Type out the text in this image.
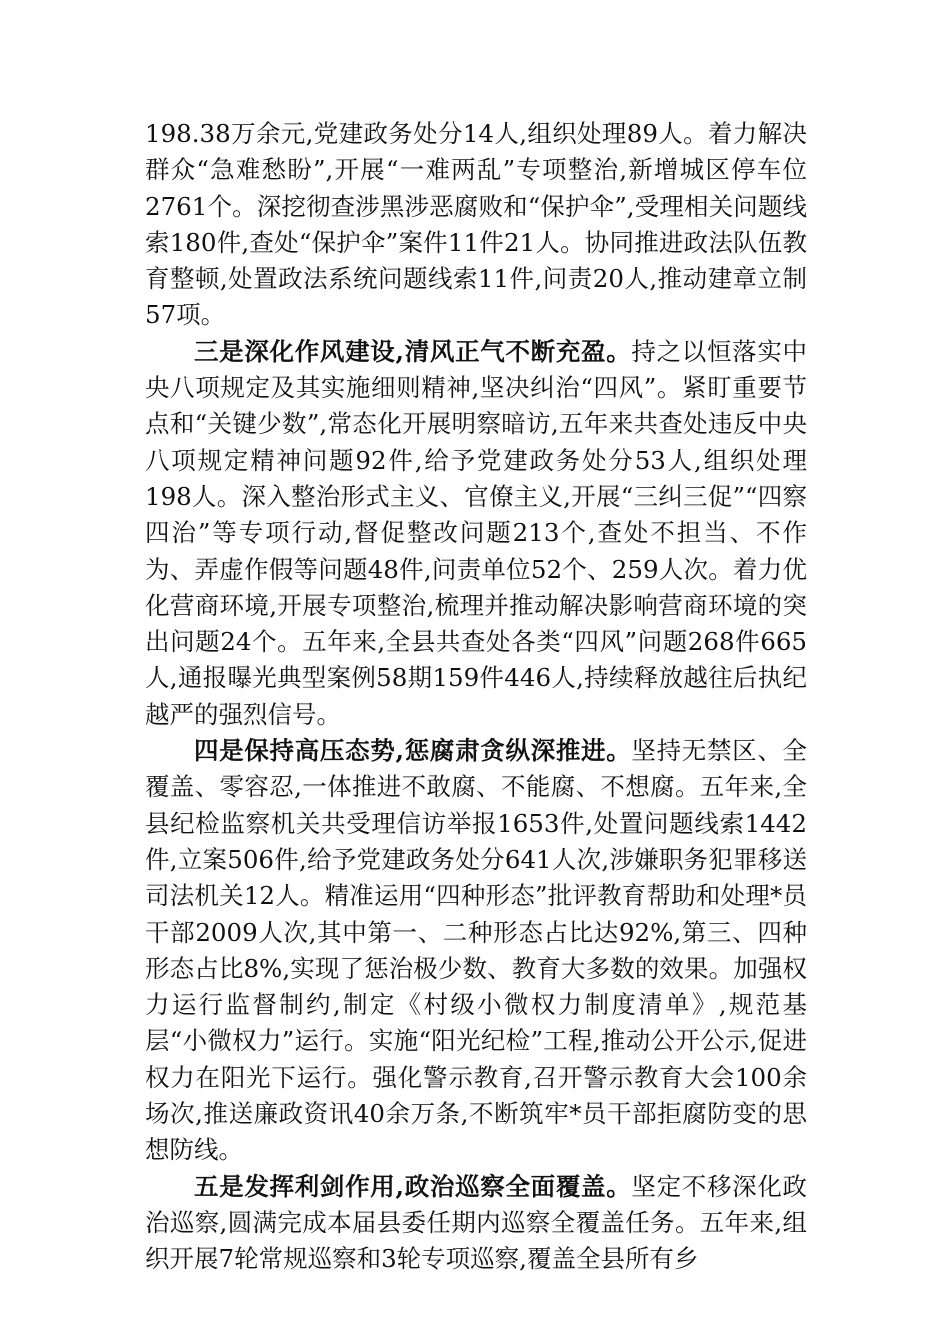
198.38万余元,党建政务处分14人,组织处理89人。着力解决群众“急难愁盼”,开展“一难两乱”专项整治,新增城区停车位2761个。深挖彻查涉黑涉恶腐败和“保护伞”,受理相关问题线索180件,查处“保护伞”案件11件21人。协同推进政法队伍教育整顿,处置政法系统问题线索11件,问责20人,推动建章立制57项。

三是深化作风建设,清风正气不断充盈。持之以恒落实中央八项规定及其实施细则精神,坚决纠治“四风”。紧盯重要节点和“关键少数”,常态化开展明察暗访,五年来共查处违反中央八项规定精神问题92件,给予党建政务处分53人,组织处理198人。深入整治形式主义、官僚主义,开展“三纠三促”“四察四治”等专项行动,督促整改问题213个,查处不担当、不作为、弄虚作假等问题48件,问责单位52个、259人次。着力优化营商环境,开展专项整治,梳理并推动解决影响营商环境的突出问题24个。五年来,全县共查处各类“四风”问题268件665人,通报曝光典型案例58期159件446人,持续释放越往后执纪越严的强烈信号。

四是保持高压态势,惩腐肃贪纵深推进。坚持无禁区、全覆盖、零容忍,一体推进不敢腐、不能腐、不想腐。五年来,全县纪检监察机关共受理信访举报1653件,处置问题线索1442件,立案506件,给予党建政务处分641人次,涉嫌职务犯罪移送司法机关12人。精准运用“四种形态”批评教育帮助和处理*员干部2009人次,其中第一、二种形态占比达92%,第三、四种形态占比8%,实现了惩治极少数、教育大多数的效果。加强权力运行监督制约,制定《村级小微权力制度清单》,规范基层“小微权力”运行。实施“阳光纪检”工程,推动公开公示,促进权力在阳光下运行。强化警示教育,召开警示教育大会100余场次,推送廉政资讯40余万条,不断筑牢*员干部拒腐防变的思想防线。

五是发挥利剑作用,政治巡察全面覆盖。坚定不移深化政治巡察,圆满完成本届县委任期内巡察全覆盖任务。五年来,组织开展7轮常规巡察和3轮专项巡察,覆盖全县所有乡
